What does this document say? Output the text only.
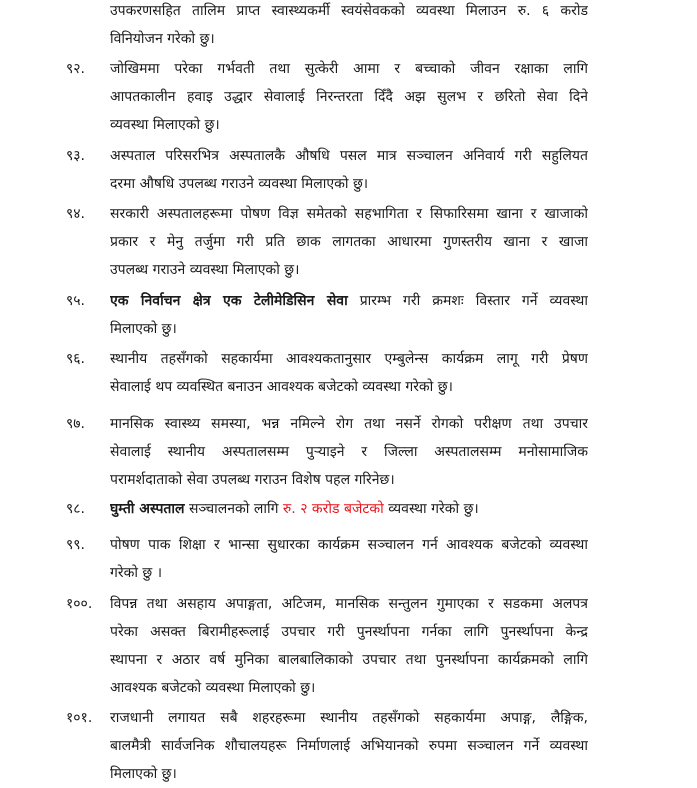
उपकरणसहित तालिम प्राप्त स्वास्थ्यकर्मी स्वयंसेवकको व्यवस्था मिलाउन रु. ६ करोड
विनियोजन गरेको छु।
९२. जोखिममा परेका गर्भवती तथा सुत्केरी आमा र बच्चाको जीवन रक्षाका लागि
आपतकालीन हवाइ उद्धार सेवालाई निरन्तरता दिँदै अझ सुलभ र छरितो सेवा दिने
व्यवस्था मिलाएको छु।
९३. अस्पताल परिसरभित्र अस्पतालकै औषधि पसल मात्र सञ्चालन अनिवार्य गरी सहुलियत
दरमा औषधि उपलब्ध गराउने व्यवस्था मिलाएको छु।
९४. सरकारी अस्पतालहरूमा पोषण विज्ञ समेतको सहभागिता र सिफारिसमा खाना र खाजाको
प्रकार र मेनु तर्जुमा गरी प्रति छाक लागतका आधारमा गुणस्तरीय खाना र खाजा
उपलब्ध गराउने व्यवस्था मिलाएको छु।
९५. एक निर्वाचन क्षेत्र एक टेलीमेडिसिन सेवा प्रारम्भ गरी क्रमशः विस्तार गर्ने व्यवस्था
मिलाएको छु।
९६. स्थानीय तहसँगको सहकार्यमा आवश्यकतानुसार एम्बुलेन्स कार्यक्रम लागू गरी प्रेषण
सेवालाई थप व्यवस्थित बनाउन आवश्यक बजेटको व्यवस्था गरेको छु।
९७. मानसिक स्वास्थ्य समस्या, भन्न नमिल्ने रोग तथा नसर्ने रोगको परीक्षण तथा उपचार
सेवालाई स्थानीय अस्पतालसम्म पुऱ्याइने र जिल्ला अस्पतालसम्म मनोसामाजिक
परामर्शदाताको सेवा उपलब्ध गराउन विशेष पहल गरिनेछ।
९८. घुम्ती अस्पताल सञ्चालनको लागि रु. २ करोड बजेटको व्यवस्था गरेको छु।
९९. पोषण पाक शिक्षा र भान्सा सुधारका कार्यक्रम सञ्चालन गर्न आवश्यक बजेटको व्यवस्था
गरेको छु ।
१००. विपन्न तथा असहाय अपाङ्गता, अटिजम, मानसिक सन्तुलन गुमाएका र सडकमा अलपत्र
परेका असक्त बिरामीहरूलाई उपचार गरी पुनर्स्थापना गर्नका लागि पुनर्स्थापना केन्द्र
स्थापना र अठार वर्ष मुनिका बालबालिकाको उपचार तथा पुनर्स्थापना कार्यक्रमको लागि
आवश्यक बजेटको व्यवस्था मिलाएको छु।
१०१. राजधानी लगायत सबै शहरहरूमा स्थानीय तहसँगको सहकार्यमा अपाङ्ग, लैङ्गिक,
बालमैत्री सार्वजनिक शौचालयहरू निर्माणलाई अभियानको रुपमा सञ्चालन गर्ने व्यवस्था
मिलाएको छु।
